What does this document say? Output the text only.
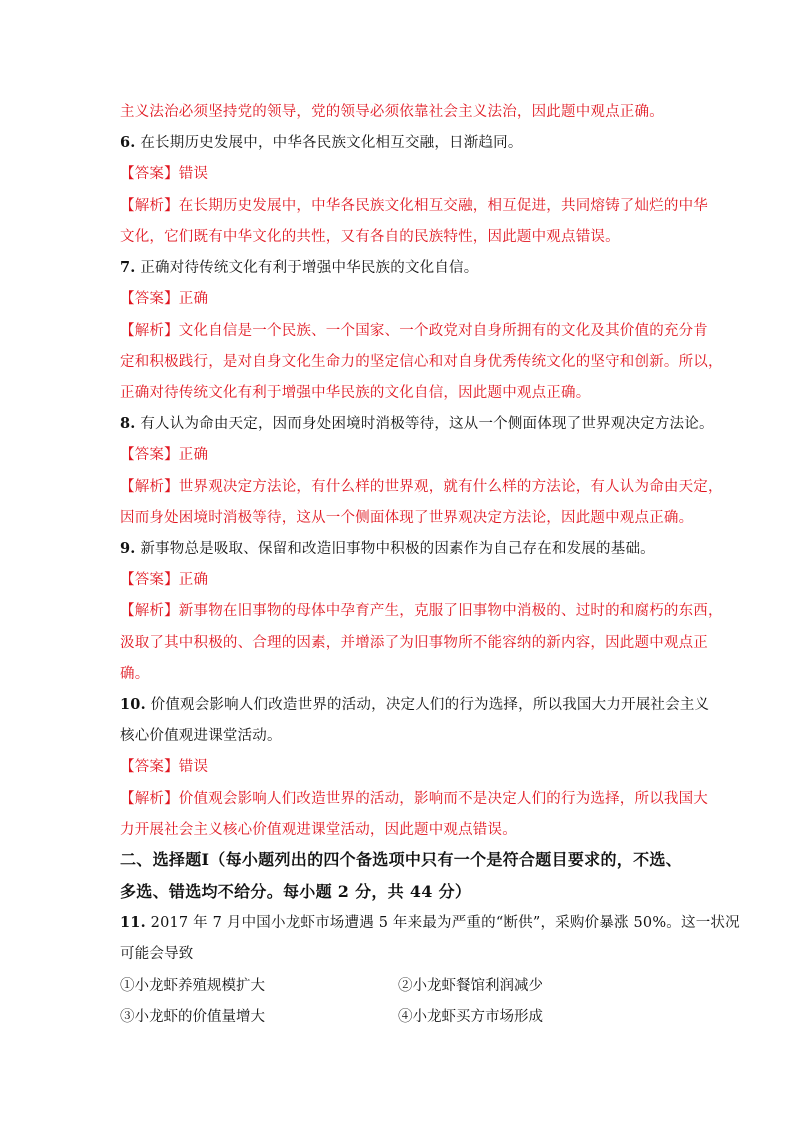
主义法治必须坚持党的领导，党的领导必须依靠社会主义法治，因此题中观点正确。
6. 在长期历史发展中，中华各民族文化相互交融，日渐趋同。
【答案】错误
【解析】在长期历史发展中，中华各民族文化相互交融，相互促进，共同熔铸了灿烂的中华
文化，它们既有中华文化的共性，又有各自的民族特性，因此题中观点错误。
7. 正确对待传统文化有利于增强中华民族的文化自信。
【答案】正确
【解析】文化自信是一个民族、一个国家、一个政党对自身所拥有的文化及其价值的充分肯
定和积极践行，是对自身文化生命力的坚定信心和对自身优秀传统文化的坚守和创新。所以，
正确对待传统文化有利于增强中华民族的文化自信，因此题中观点正确。
8. 有人认为命由天定，因而身处困境时消极等待，这从一个侧面体现了世界观决定方法论。
【答案】正确
【解析】世界观决定方法论，有什么样的世界观，就有什么样的方法论，有人认为命由天定，
因而身处困境时消极等待，这从一个侧面体现了世界观决定方法论，因此题中观点正确。
9. 新事物总是吸取、保留和改造旧事物中积极的因素作为自己存在和发展的基础。
【答案】正确
【解析】新事物在旧事物的母体中孕育产生，克服了旧事物中消极的、过时的和腐朽的东西，
汲取了其中积极的、合理的因素，并增添了为旧事物所不能容纳的新内容，因此题中观点正
确。
10. 价值观会影响人们改造世界的活动，决定人们的行为选择，所以我国大力开展社会主义
核心价值观进课堂活动。
【答案】错误
【解析】价值观会影响人们改造世界的活动，影响而不是决定人们的行为选择，所以我国大
力开展社会主义核心价值观进课堂活动，因此题中观点错误。
二、选择题Ⅰ（每小题列出的四个备选项中只有一个是符合题目要求的，不选、
多选、错选均不给分。每小题 2 分，共 44 分）
11. 2017 年 7 月中国小龙虾市场遭遇 5 年来最为严重的“断供”，采购价暴涨 50%。这一状况
可能会导致
①小龙虾养殖规模扩大	②小龙虾餐馆利润减少
③小龙虾的价值量增大	④小龙虾买方市场形成
